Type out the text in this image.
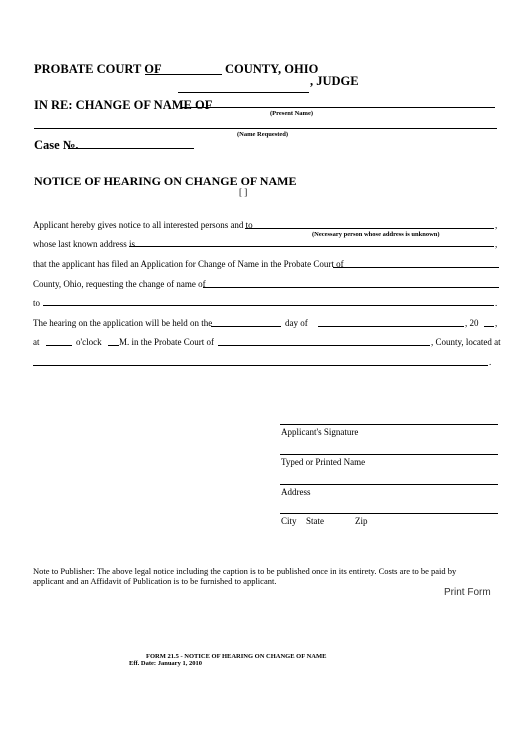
PROBATE COURT OF	COUNTY, OHIO
, JUDGE
IN RE: CHANGE OF NAME OF
(Present Name)
(Name Requested)
Case №.
NOTICE OF HEARING ON CHANGE OF NAME
[ ]
Applicant hereby gives notice to all interested persons and to	,
(Necessary person whose address is unknown)
whose last known address is	,
that the applicant has filed an Application for Change of Name in the Probate Court of
County, Ohio, requesting the change of name of
to	.
The hearing on the application will be held on the	day of	, 20 ,
at	o'clock M. in the Probate Court of	, County, located at
.
Applicant's Signature
Typed or Printed Name
Address
City State	Zip
Note to Publisher: The above legal notice including the caption is to be published once in its entirety. Costs are to be paid by
applicant and an Affidavit of Publication is to be furnished to applicant.
Print Form
FORM 21.5 - NOTICE OF HEARING ON CHANGE OF NAME
Eff. Date: January 1, 2010
